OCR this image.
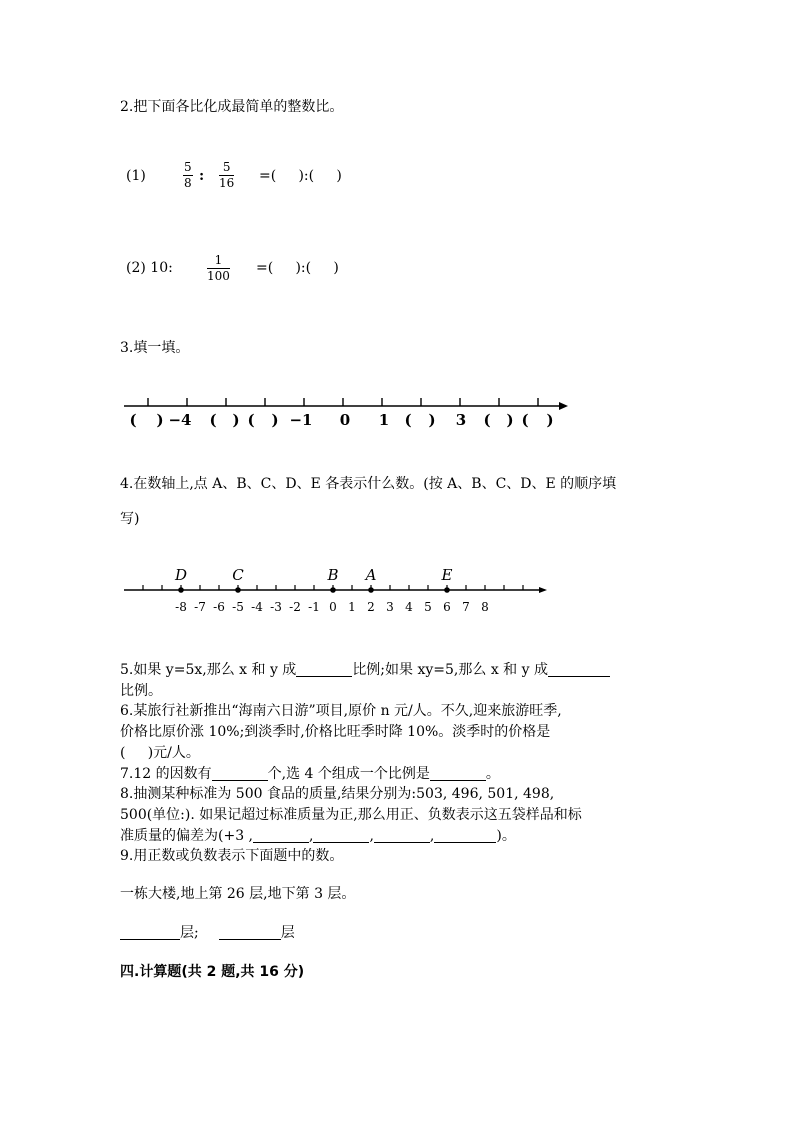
2.把下面各比化成最简单的整数比。
(1)	$\frac{5}{8}$ : $\frac{5}{16}$ =(     ):(     )
(2) 10:	$\frac{1}{100}$ =(     ):(     )
3.填一填。
( ) −4 ( ) ( ) −1 0 1 ( ) 3 ( ) ( )
4.在数轴上,点 A、B、C、D、E 各表示什么数。(按 A、B、C、D、E 的顺序填
写)
-8 -7 -6 -5 -4 -3 -2 -1 0 1 2 3 4 5 6 7 8
D	C	B A	E
5.如果 y=5x,那么 x 和 y 成	比例;如果 xy=5,那么 x 和 y 成
比例。
6.某旅行社新推出“海南六日游”项目,原价 n 元/人。不久,迎来旅游旺季,
价格比原价涨 10%;到淡季时,价格比旺季时降 10%。淡季时的价格是
(     )元/人。
7.12 的因数有	个,选 4 个组成一个比例是	。
8.抽测某种标准为 500 食品的质量,结果分别为:503, 496, 501, 498,
500(单位:). 如果记超过标准质量为正,那么用正、负数表示这五袋样品和标
准质量的偏差为(+3 ,	,	,	,	)。
9.用正数或负数表示下面题中的数。
一栋大楼,地上第 26 层,地下第 3 层。
层;	层
四.计算题(共 2 题,共 16 分)
